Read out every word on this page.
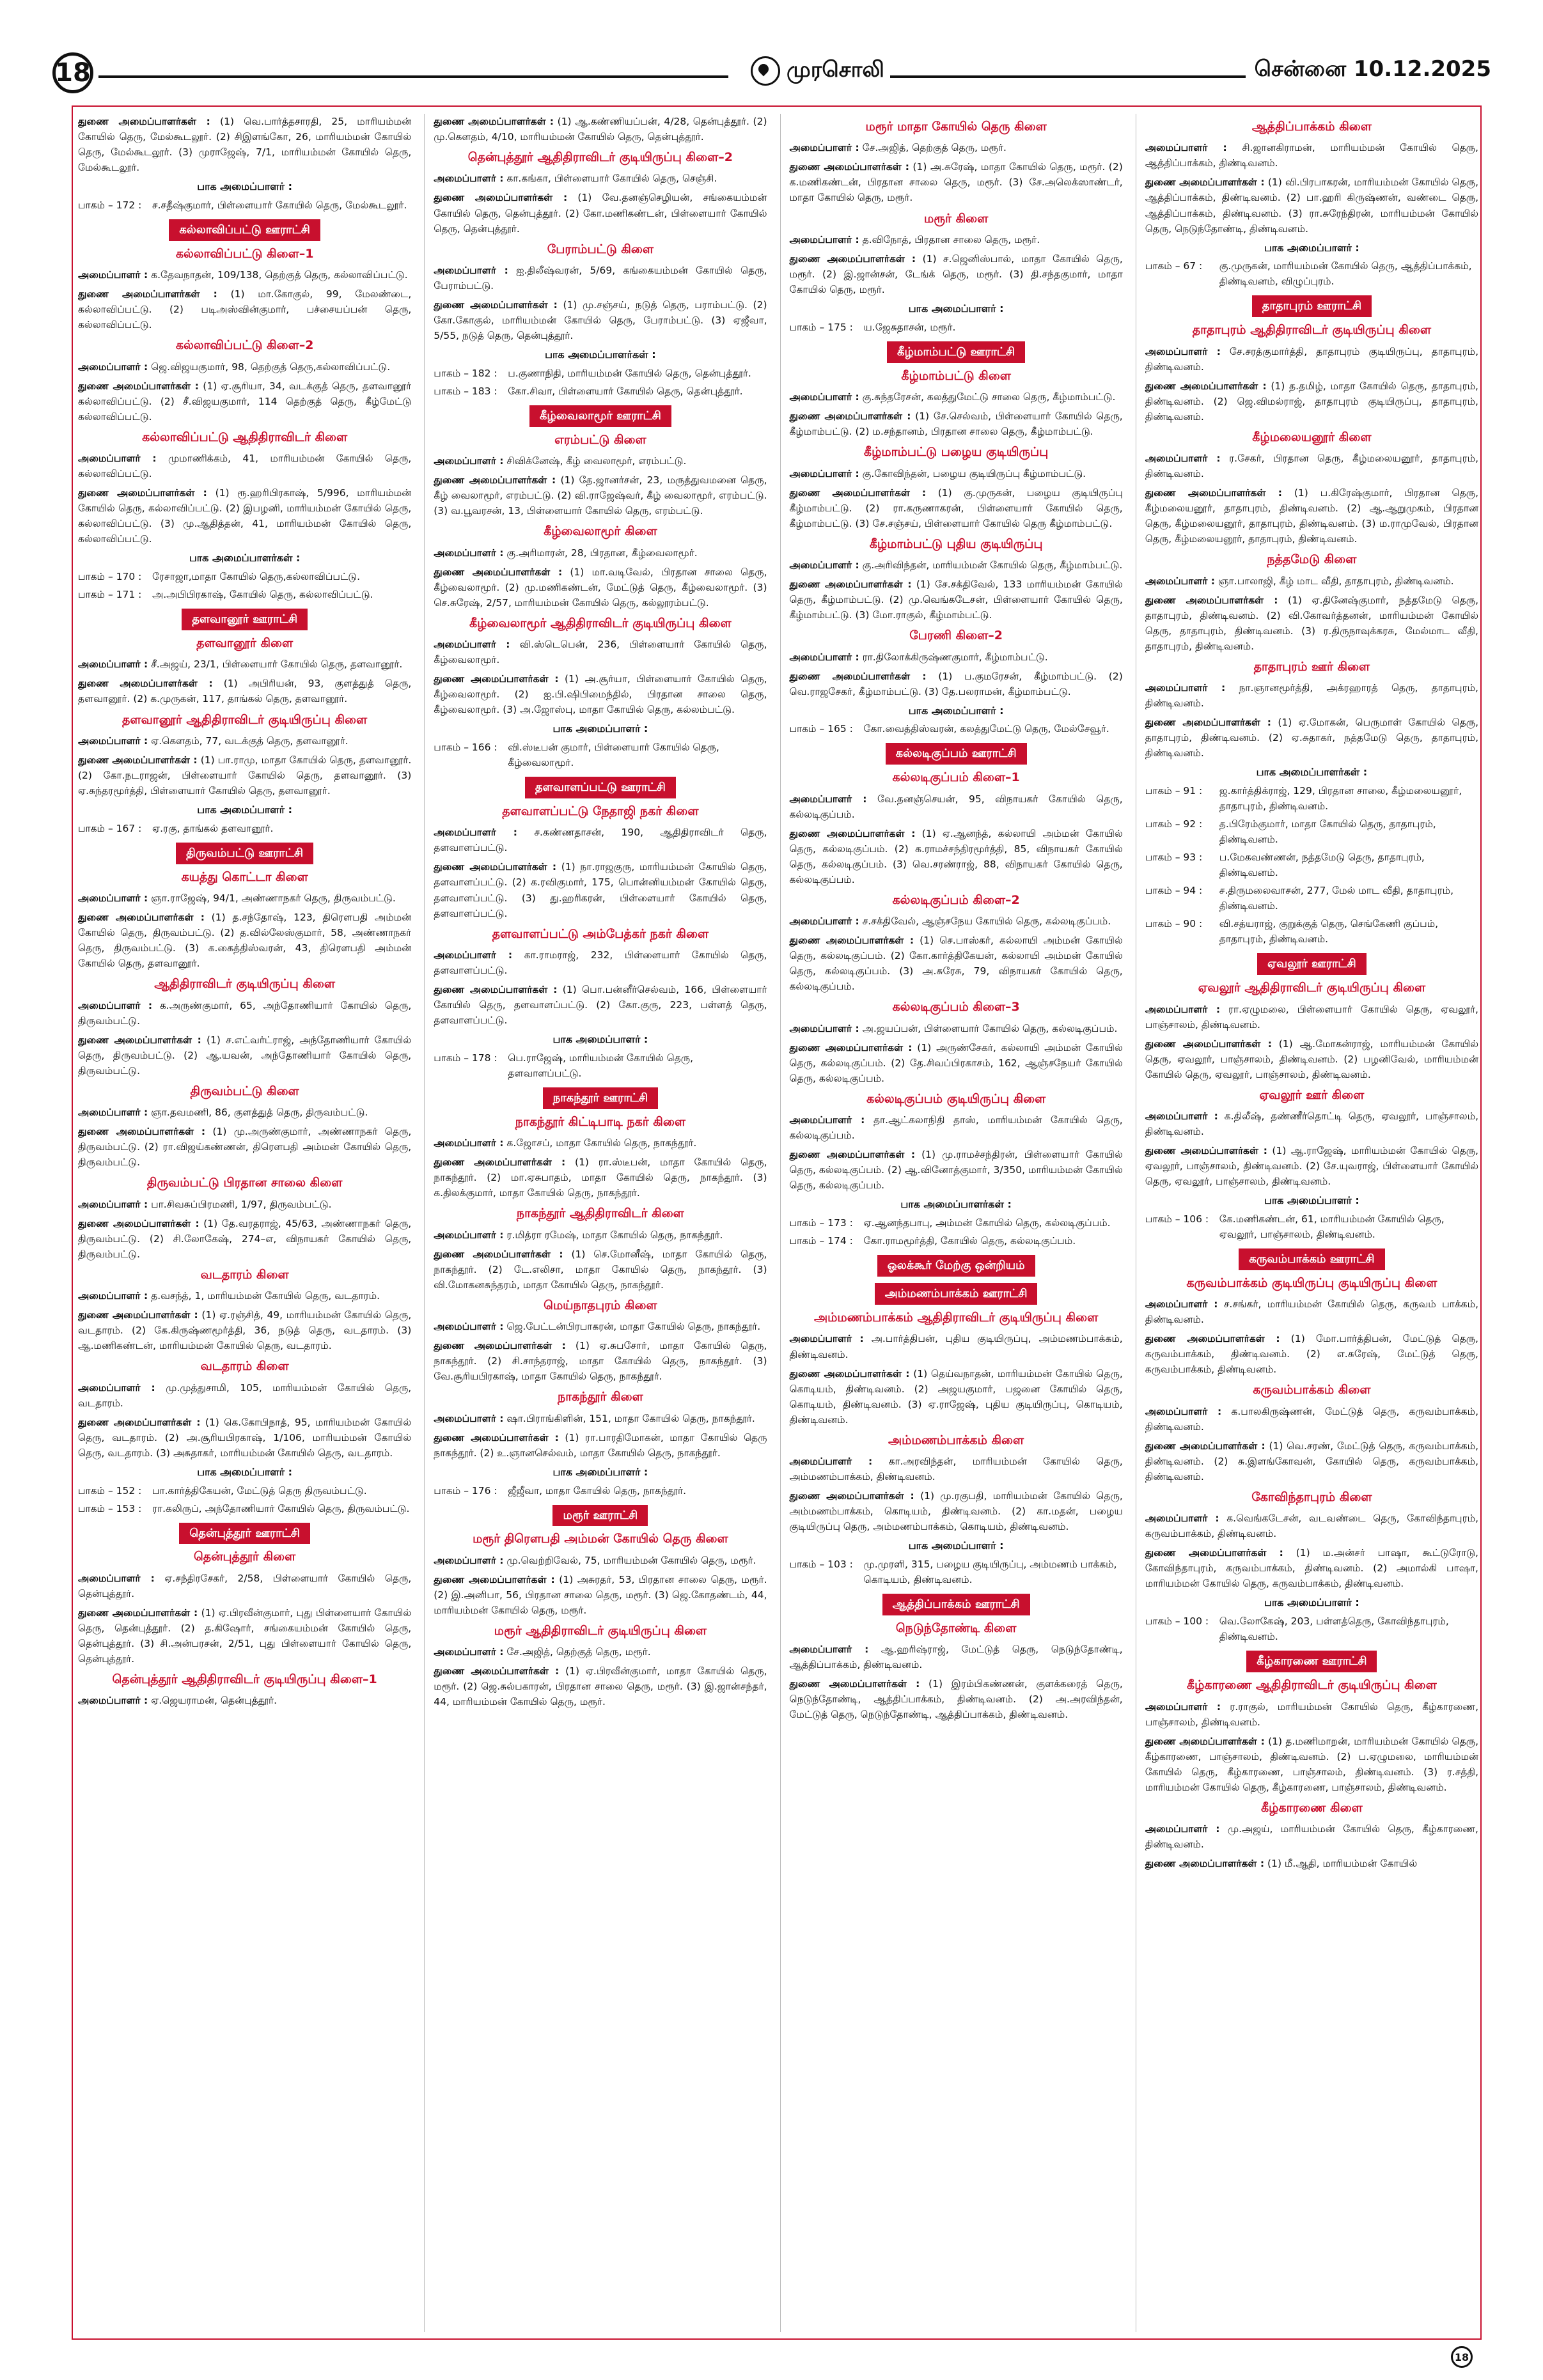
18	முரசொலி	சென்னை 10.12.2025

துணை அமைப்பாளர்கள் : (1) வெ.பார்த்தசாரதி, 25, மாரியம்மன் கோயில் தெரு, மேல்கூடலூர். (2) சிஇளங்கோ, 26, மாரியம்மன் கோயில் தெரு, மேல்கூடலூர். (3) முராஜேஷ், 7/1, மாரியம்மன் கோயில் தெரு, மேல்கூடலூர்.

பாக அமைப்பாளர் :
பாகம் – 172 :	ச.சதீஷ்குமார், பிள்ளையார் கோயில் தெரு, மேல்கூடலூர்.
கல்லாவிப்பட்டு ஊராட்சி
கல்லாவிப்பட்டு கிளை–1

அமைப்பாளர் : க.தேவநாதன், 109/138, தெற்குத் தெரு, கல்லாவிப்பட்டு.

துணை அமைப்பாளர்கள் : (1) மா.கோகுல், 99, மேலண்டை, கல்லாவிப்பட்டு. (2) படிஅஸ்வின்குமார், பச்சையப்பன் தெரு, கல்லாவிப்பட்டு.

கல்லாவிப்பட்டு கிளை–2

அமைப்பாளர் : ஜெ.விஜயகுமார், 98, தெற்குத் தெரு,கல்லாவிப்பட்டு.

துணை அமைப்பாளர்கள் : (1) ஏ.சூரியா, 34, வடக்குத் தெரு, தளவானூர் கல்லாவிப்பட்டு. (2) சீ.விஜயகுமார், 114 தெற்குத் தெரு, கீழ்மேட்டு கல்லாவிப்பட்டு.

கல்லாவிப்பட்டு ஆதிதிராவிடர் கிளை

அமைப்பாளர் : முமாணிக்கம், 41, மாரியம்மன் கோயில் தெரு, கல்லாவிப்பட்டு.

துணை அமைப்பாளர்கள் : (1) ரூ.ஹரிபிரகாஷ், 5/996, மாரியம்மன் கோயில் தெரு, கல்லாவிப்பட்டு. (2) இபழனி, மாரியம்மன் கோயில் தெரு, கல்லாவிப்பட்டு. (3) மு.ஆதித்தன், 41, மாரியம்மன் கோயில் தெரு, கல்லாவிப்பட்டு.

பாக அமைப்பாளர்கள் :
பாகம் – 170 :	ரேசாஜா,மாதா கோயில் தெரு,கல்லாவிப்பட்டு.
பாகம் – 171 :	அ.அபிபிரகாஷ், கோயில் தெரு, கல்லாவிப்பட்டு.
தளவானூர் ஊராட்சி
தளவானூர் கிளை

அமைப்பாளர் : சீ.அஜய், 23/1, பிள்ளையார் கோயில் தெரு, தளவானூர்.

துணை அமைப்பாளர்கள் : (1) அபிரியன், 93, குளத்துத் தெரு, தளவானூர். (2) க.முருகன், 117, தாங்கல் தெரு, தளவானூர்.

தளவானூர் ஆதிதிராவிடர் குடியிருப்பு கிளை

அமைப்பாளர் : ஏ.கௌதம், 77, வடக்குத் தெரு, தளவானூர்.

துணை அமைப்பாளர்கள் : (1) பா.ராமு, மாதா கோயில் தெரு, தளவானூர். (2) கோ.நடராஜன், பிள்ளையார் கோயில் தெரு, தளவானூர். (3) ஏ.சுந்தரமூர்த்தி, பிள்ளையார் கோயில் தெரு, தளவானூர்.

பாக அமைப்பாளர் :
பாகம் – 167 :	ஏ.ரகு, தாங்கல் தளவானூர்.
திருவம்பட்டு ஊராட்சி
கயத்து கொட்டா கிளை

அமைப்பாளர் : ஞா.ராஜேஷ், 94/1, அண்ணாநகர் தெரு, திருவம்பட்டு.

துணை அமைப்பாளர்கள் : (1) த.சந்தோஷ், 123, திரௌபதி அம்மன் கோயில் தெரு, திருவம்பட்டு. (2) த.வில்லேஸ்குமார், 58, அண்ணாநகர் தெரு, திருவம்பட்டு. (3) க.கைத்திஸ்வரன், 43, திரௌபதி அம்மன் கோயில் தெரு, தளவானூர்.

ஆதிதிராவிடர் குடியிருப்பு கிளை

அமைப்பாளர் : க.அருண்குமார், 65, அந்தோணியார் கோயில் தெரு, திருவம்பட்டு.

துணை அமைப்பாளர்கள் : (1) ச.எட்வர்ட்ராஜ், அந்தோணியார் கோயில் தெரு, திருவம்பட்டு. (2) ஆ.யவன், அந்தோணியார் கோயில் தெரு, திருவம்பட்டு.

திருவம்பட்டு கிளை

அமைப்பாளர் : ஞா.தவமணி, 86, குளத்துத் தெரு, திருவம்பட்டு.

துணை அமைப்பாளர்கள் : (1) மு.அருண்குமார், அண்ணாநகர் தெரு, திருவம்பட்டு. (2) ரா.விஜய்கண்ணன், திரௌபதி அம்மன் கோயில் தெரு, திருவம்பட்டு.

திருவம்பட்டு பிரதான சாலை கிளை

அமைப்பாளர் : பா.சிவசுப்பிரமணி, 1/97, திருவம்பட்டு.

துணை அமைப்பாளர்கள் : (1) தே.வரதராஜ், 45/63, அண்ணாநகர் தெரு, திருவம்பட்டு. (2) சி.லோகேஷ், 274–எ, விநாயகர் கோயில் தெரு, திருவம்பட்டு.

வடதாரம் கிளை

அமைப்பாளர் : த.வசந்த், 1, மாரியம்மன் கோயில் தெரு, வடதாரம்.

துணை அமைப்பாளர்கள் : (1) ஏ.ரஞ்சித், 49, மாரியம்மன் கோயில் தெரு, வடதாரம். (2) கே.கிருஷ்ணமூர்த்தி, 36, நடுத் தெரு, வடதாரம். (3) ஆ.மணிகண்டன், மாரியம்மன் கோயில் தெரு, வடதாரம்.

வடதாரம் கிளை

அமைப்பாளர் : மு.முத்துசாமி, 105, மாரியம்மன் கோயில் தெரு, வடதாரம்.

துணை அமைப்பாளர்கள் : (1) கெ.கோபிநாத், 95, மாரியம்மன் கோயில் தெரு, வடதாரம். (2) அ.சூரியபிரகாஷ், 1/106, மாரியம்மன் கோயில் தெரு, வடதாரம். (3) அசுதாகர், மாரியம்மன் கோயில் தெரு, வடதாரம்.

பாக அமைப்பாளர் :
பாகம் – 152 :	பா.கார்த்திகேயன், மேட்டுத் தெரு திருவம்பட்டு.
பாகம் – 153 :	ரா.கலிருப், அந்தோணியார் கோயில் தெரு, திருவம்பட்டு.
தென்புத்தூர் ஊராட்சி
தென்புத்தூர் கிளை

அமைப்பாளர் : ஏ.சந்திரசேகர், 2/58, பிள்ளையார் கோயில் தெரு, தென்புத்தூர்.

துணை அமைப்பாளர்கள் : (1) ஏ.பிரவீன்குமார், புது பிள்ளையார் கோயில் தெரு, தென்புத்தூர். (2) த.கிஷோர், சங்கையம்மன் கோயில் தெரு, தென்புத்தூர். (3) சி.அன்பரசன், 2/51, புது பிள்ளையார் கோயில் தெரு, தென்புத்தூர்.

தென்புத்தூர் ஆதிதிராவிடர் குடியிருப்பு கிளை–1

அமைப்பாளர் : ஏ.ஜெயராமன், தென்புத்தூர்.

துணை அமைப்பாளர்கள் : (1) ஆ.கண்ணியப்பன், 4/28, தென்புத்தூர். (2) மு.கௌதம், 4/10, மாரியம்மன் கோயில் தெரு, தென்புத்தூர்.

தென்புத்தூர் ஆதிதிராவிடர் குடியிருப்பு கிளை–2

அமைப்பாளர் : கா.கங்கா, பிள்ளையார் கோயில் தெரு, செஞ்சி.

துணை அமைப்பாளர்கள் : (1) வே.தனஞ்செழியன், சங்கையம்மன் கோயில் தெரு, தென்புத்தூர். (2) கோ.மணிகண்டன், பிள்ளையார் கோயில் தெரு, தென்புத்தூர்.

பேராம்பட்டு கிளை

அமைப்பாளர் : ஐ.திலீஷ்வரன், 5/69, கங்கையம்மன் கோயில் தெரு, பேராம்பட்டு.

துணை அமைப்பாளர்கள் : (1) மு.சஞ்சய், நடுத் தெரு, பராம்பட்டு. (2) கோ.கோகுல், மாரியம்மன் கோயில் தெரு, பேராம்பட்டு. (3) ஏஜீவா, 5/55, நடுத் தெரு, தென்புத்தூர்.

பாக அமைப்பாளர்கள் :
பாகம் – 182 :	ப.குணாநிதி, மாரியம்மன் கோயில் தெரு, தென்புத்தூர்.
பாகம் – 183 :	கோ.சிவா, பிள்ளையார் கோயில் தெரு, தென்புத்தூர்.
கீழ்வைலாமூர் ஊராட்சி
எரம்பட்டு கிளை

அமைப்பாளர் : சிவிக்னேஷ், கீழ் வைலாமூர், எரம்பட்டு.

துணை அமைப்பாளர்கள் : (1) தே.ஜானர்சன், 23, மருத்துவமனை தெரு, கீழ் வைலாமூர், எரம்பட்டு. (2) வி.ராஜேஷ்வர், கீழ் வைலாமூர், எரம்பட்டு. (3) வ.பூவரசன், 13, பிள்ளையார் கோயில் தெரு, எரம்பட்டு.

கீழ்வைலாமூர் கிளை

அமைப்பாளர் : கு.அரிமாரன், 28, பிரதான, கீழ்வைலாமூர்.

துணை அமைப்பாளர்கள் : (1) மா.வடிவேல், பிரதான சாலை தெரு, கீழ்வைலாமூர். (2) மு.மணிகண்டன், மேட்டுத் தெரு, கீழ்வைலாமூர். (3) செ.சுரேஷ், 2/57, மாரியம்மன் கோயில் தெரு, கல்லூரம்பட்டு.

கீழ்வைலாமூர் ஆதிதிராவிடர் குடியிருப்பு கிளை

அமைப்பாளர் : வி.ஸ்டெபென், 236, பிள்ளையார் கோயில் தெரு, கீழ்வைலாமூர்.

துணை அமைப்பாளர்கள் : (1) அ.சூர்யா, பிள்ளையார் கோயில் தெரு, கீழ்வைலாமூர். (2) ஐ.பி.ஷிபிமைந்தில், பிரதான சாலை தெரு, கீழ்வைலாமூர். (3) அ.ஜோஸ்பு, மாதா கோயில் தெரு, கல்லம்பட்டு.

பாக அமைப்பாளர் :
பாகம் – 166 :	வி.ஸ்டீபன் குமார், பிள்ளையார் கோயில் தெரு, கீழ்வைலாமூர்.
தளவாளப்பட்டு ஊராட்சி
தளவாளப்பட்டு நேதாஜி நகர் கிளை

அமைப்பாளர் : ச.கண்ணதாசன், 190, ஆதிதிராவிடர் தெரு, தளவாளப்பட்டு.

துணை அமைப்பாளர்கள் : (1) நா.ராஜகுரு, மாரியம்மன் கோயில் தெரு, தளவாளப்பட்டு. (2) க.ரவிகுமார், 175, பொன்னியம்மன் கோயில் தெரு, தளவாளப்பட்டு. (3) து.ஹரிகரன், பிள்ளையார் கோயில் தெரு, தளவாளப்பட்டு.

தளவாளப்பட்டு அம்பேத்கர் நகர் கிளை

அமைப்பாளர் : கா.ராமராஜ், 232, பிள்ளையார் கோயில் தெரு, தளவாளப்பட்டு.

துணை அமைப்பாளர்கள் : (1) பொ.பன்னீர்செல்வம், 166, பிள்ளையார் கோயில் தெரு, தளவாளப்பட்டு. (2) கோ.குரு, 223, பள்ளத் தெரு, தளவாளப்பட்டு.

பாக அமைப்பாளர் :
பாகம் – 178 :	பெ.ராஜேஷ், மாரியம்மன் கோயில் தெரு, தளவாளப்பட்டு.
நாகந்தூர் ஊராட்சி
நாகந்தூர் கிட்டிபாடி நகர் கிளை

அமைப்பாளர் : க.ஜோசப், மாதா கோயில் தெரு, நாகந்தூர்.

துணை அமைப்பாளர்கள் : (1) ரா.ஸ்டீபன், மாதா கோயில் தெரு, நாகந்தூர். (2) மா.ஏசுபாதம், மாதா கோயில் தெரு, நாகந்தூர். (3) க.திலக்குமார், மாதா கோயில் தெரு, நாகந்தூர்.

நாகந்தூர் ஆதிதிராவிடர் கிளை

அமைப்பாளர் : ர.மித்ரா ரமேஷ், மாதா கோயில் தெரு, நாகந்தூர்.

துணை அமைப்பாளர்கள் : (1) செ.மோனீஷ், மாதா கோயில் தெரு, நாகந்தூர். (2) டே.எலிசா, மாதா கோயில் தெரு, நாகந்தூர். (3) வி.மோகனசுந்தரம், மாதா கோயில் தெரு, நாகந்தூர்.

மெய்நாதபுரம் கிளை

அமைப்பாளர் : ஜெ.பேட்டன்பிரபாகரன், மாதா கோயில் தெரு, நாகந்தூர்.

துணை அமைப்பாளர்கள் : (1) ஏ.சுபசோர், மாதா கோயில் தெரு, நாகந்தூர். (2) சி.சாந்தராஜ், மாதா கோயில் தெரு, நாகந்தூர். (3) வே.சூரியபிரகாஷ், மாதா கோயில் தெரு, நாகந்தூர்.

நாகந்தூர் கிளை

அமைப்பாளர் : ஷா.பிராங்கிளின், 151, மாதா கோயில் தெரு, நாகந்தூர்.

துணை அமைப்பாளர்கள் : (1) ரா.பாரதிமோகன், மாதா கோயில் தெரு நாகந்தூர். (2) உ.ஞானசெல்வம், மாதா கோயில் தெரு, நாகந்தூர்.

பாக அமைப்பாளர் :
பாகம் – 176 :	ஜீஜீவா, மாதா கோயில் தெரு, நாகந்தூர்.
மரூர் ஊராட்சி
மரூர் திரௌபதி அம்மன் கோயில் தெரு கிளை

அமைப்பாளர் : மு.வெற்றிவேல், 75, மாரியம்மன் கோயில் தெரு, மரூர்.

துணை அமைப்பாளர்கள் : (1) அசுரதர், 53, பிரதான சாலை தெரு, மரூர். (2) இ.அனிபா, 56, பிரதான சாலை தெரு, மரூர். (3) ஜெ.கோதண்டம், 44, மாரியம்மன் கோயில் தெரு, மரூர்.

மரூர் ஆதிதிராவிடர் குடியிருப்பு கிளை

அமைப்பாளர் : சே.அஜித், தெற்குத் தெரு, மரூர்.

துணை அமைப்பாளர்கள் : (1) ஏ.பிரவீன்குமார், மாதா கோயில் தெரு, மரூர். (2) ஜெ.சுல்பகாரன், பிரதான சாலை தெரு, மரூர். (3) இ.ஜான்சந்தர், 44, மாரியம்மன் கோயில் தெரு, மரூர்.

மரூர் மாதா கோயில் தெரு கிளை

அமைப்பாளர் : சே.அஜித், தெற்குத் தெரு, மரூர்.

துணை அமைப்பாளர்கள் : (1) அ.சுரேஷ், மாதா கோயில் தெரு, மரூர். (2) க.மணிகண்டன், பிரதான சாலை தெரு, மரூர். (3) சே.அலெக்ஸாண்டர், மாதா கோயில் தெரு, மரூர்.

மரூர் கிளை

அமைப்பாளர் : த.விநோத், பிரதான சாலை தெரு, மரூர்.

துணை அமைப்பாளர்கள் : (1) ச.ஜெனிஸ்பால், மாதா கோயில் தெரு, மரூர். (2) இ.ஜான்சன், டேங்க் தெரு, மரூர். (3) தி.சந்தகுமார், மாதா கோயில் தெரு, மரூர்.

பாக அமைப்பாளர் :
பாகம் – 175 :	ய.ஜேசுதாசன், மரூர்.
கீழ்மாம்பட்டு ஊராட்சி
கீழ்மாம்பட்டு கிளை

அமைப்பாளர் : கு.சுந்தரேசன், கலத்துமேட்டு சாலை தெரு, கீழ்மாம்பட்டு.

துணை அமைப்பாளர்கள் : (1) சே.செல்வம், பிள்ளையார் கோயில் தெரு, கீழ்மாம்பட்டு. (2) ம.சந்தானம், பிரதான சாலை தெரு, கீழ்மாம்பட்டு.

கீழ்மாம்பட்டு பழைய குடியிருப்பு

அமைப்பாளர் : கு.கோவிந்தன், பழைய குடியிருப்பு கீழ்மாம்பட்டு.

துணை அமைப்பாளர்கள் : (1) கு.முருகன், பழைய குடியிருப்பு கீழ்மாம்பட்டு. (2) ரா.கருணாகரன், பிள்ளையார் கோயில் தெரு, கீழ்மாம்பட்டு. (3) சே.சஞ்சய், பிள்ளையார் கோயில் தெரு கீழ்மாம்பட்டு.

கீழ்மாம்பட்டு புதிய குடியிருப்பு

அமைப்பாளர் : கு.அரிவிந்தன், மாரியம்மன் கோயில் தெரு, கீழ்மாம்பட்டு.

துணை அமைப்பாளர்கள் : (1) சே.சக்திவேல், 133 மாரியம்மன் கோயில் தெரு, கீழ்மாம்பட்டு. (2) மு.வெங்கடேசன், பிள்ளையார் கோயில் தெரு, கீழ்மாம்பட்டு. (3) மோ.ராகுல், கீழ்மாம்பட்டு.

பேரணி கிளை–2

அமைப்பாளர் : ரா.திலோக்கிருஷ்ணகுமார், கீழ்மாம்பட்டு.

துணை அமைப்பாளர்கள் : (1) ப.குமரேசன், கீழ்மாம்பட்டு. (2) வெ.ராஜசேகர், கீழ்மாம்பட்டு. (3) தே.பலராமன், கீழ்மாம்பட்டு.

பாக அமைப்பாளர் :
பாகம் – 165 :	கோ.வைத்திஸ்வரன், கலத்துமேட்டு தெரு, மேல்சேவூர்.
கல்லடிகுப்பம் ஊராட்சி
கல்லடிகுப்பம் கிளை–1

அமைப்பாளர் : வே.தனஞ்செயன், 95, விநாயகர் கோயில் தெரு, கல்லடிகுப்பம்.

துணை அமைப்பாளர்கள் : (1) ஏ.ஆனந்த், கல்லாயி அம்மன் கோயில் தெரு, கல்லடிகுப்பம். (2) க.ராமச்சந்திரமூர்த்தி, 85, விநாயகர் கோயில் தெரு, கல்லடிகுப்பம். (3) வெ.சரண்ராஜ், 88, விநாயகர் கோயில் தெரு, கல்லடிகுப்பம்.

கல்லடிகுப்பம் கிளை–2

அமைப்பாளர் : ச.சக்திவேல், ஆஞ்சநேய கோயில் தெரு, கல்லடிகுப்பம்.

துணை அமைப்பாளர்கள் : (1) செ.பாஸ்கர், கல்லாயி அம்மன் கோயில் தெரு, கல்லடிகுப்பம். (2) கோ.கார்த்திகேயன், கல்லாயி அம்மன் கோயில் தெரு, கல்லடிகுப்பம். (3) அ.சுரேசு, 79, விநாயகர் கோயில் தெரு, கல்லடிகுப்பம்.

கல்லடிகுப்பம் கிளை–3

அமைப்பாளர் : அ.ஜயப்பன், பிள்ளையார் கோயில் தெரு, கல்லடிகுப்பம்.

துணை அமைப்பாளர்கள் : (1) அருண்சேகர், கல்லாயி அம்மன் கோயில் தெரு, கல்லடிகுப்பம். (2) தே.சிவப்பிரகாசம், 162, ஆஞ்சநேயர் கோயில் தெரு, கல்லடிகுப்பம்.

கல்லடிகுப்பம் குடியிருப்பு கிளை

அமைப்பாளர் : தா.ஆட்கலாநிதி தாஸ், மாரியம்மன் கோயில் தெரு, கல்லடிகுப்பம்.

துணை அமைப்பாளர்கள் : (1) மு.ராமச்சந்திரன், பிள்ளையார் கோயில் தெரு, கல்லடிகுப்பம். (2) ஆ.வினோத்குமார், 3/350, மாரியம்மன் கோயில் தெரு, கல்லடிகுப்பம்.

பாக அமைப்பாளர்கள் :
பாகம் – 173 :	ஏ.ஆனந்தபாபு, அம்மன் கோயில் தெரு, கல்லடிகுப்பம்.
பாகம் – 174 :	கோ.ராமமூர்த்தி, கோயில் தெரு, கல்லடிகுப்பம்.
ஓலக்கூர் மேற்கு ஒன்றியம்
அம்மணம்பாக்கம் ஊராட்சி
அம்மணம்பாக்கம் ஆதிதிராவிடர் குடியிருப்பு கிளை

அமைப்பாளர் : அ.பார்த்திபன், புதிய குடியிருப்பு, அம்மணம்பாக்கம், திண்டிவனம்.

துணை அமைப்பாளர்கள் : (1) தெய்வநாதன், மாரியம்மன் கோயில் தெரு, கொடியம், திண்டிவனம். (2) அஜயகுமார், பஜனை கோயில் தெரு, கொடியம், திண்டிவனம். (3) ஏ.ராஜேஷ், புதிய குடியிருப்பு, கொடியம், திண்டிவனம்.

அம்மணம்பாக்கம் கிளை

அமைப்பாளர் : கா.அரவிந்தன், மாரியம்மன் கோயில் தெரு, அம்மணம்பாக்கம், திண்டிவனம்.

துணை அமைப்பாளர்கள் : (1) மு.ரகுபதி, மாரியம்மன் கோயில் தெரு, அம்மணம்பாக்கம், கொடியம், திண்டிவனம். (2) கா.மதன், பழைய குடியிருப்பு தெரு, அம்மணம்பாக்கம், கொடியம், திண்டிவனம்.

பாக அமைப்பாளர் :
பாகம் – 103 :	மு.முரளி, 315, பழைய குடியிருப்பு, அம்மணம் பாக்கம், கொடியம், திண்டிவனம்.
ஆத்திப்பாக்கம் ஊராட்சி
நெடுந்தோண்டி கிளை

அமைப்பாளர் : ஆ.ஹரிஷ்ராஜ், மேட்டுத் தெரு, நெடுந்தோண்டி, ஆத்திப்பாக்கம், திண்டிவனம்.

துணை அமைப்பாளர்கள் : (1) இரம்பிகண்ணன், குளக்கரைத் தெரு, நெடுந்தோண்டி, ஆத்திப்பாக்கம், திண்டிவனம். (2) அ.அரவிந்தன், மேட்டுத் தெரு, நெடுந்தோண்டி, ஆத்திப்பாக்கம், திண்டிவனம்.

ஆத்திப்பாக்கம் கிளை

அமைப்பாளர் : சி.ஜானகிராமன், மாரியம்மன் கோயில் தெரு, ஆத்திப்பாக்கம், திண்டிவனம்.

துணை அமைப்பாளர்கள் : (1) வி.பிரபாகரன், மாரியம்மன் கோயில் தெரு, ஆத்திப்பாக்கம், திண்டிவனம். (2) பா.ஹரி கிருஷ்ணன், வண்டை தெரு, ஆத்திப்பாக்கம், திண்டிவனம். (3) ரா.சுரேந்திரன், மாரியம்மன் கோயில் தெரு, நெடுந்தோண்டி, திண்டிவனம்.

பாக அமைப்பாளர் :
பாகம் – 67 :	கு.முருகன், மாரியம்மன் கோயில் தெரு, ஆத்திப்பாக்கம், திண்டிவனம், விழுப்புரம்.
தாதாபுரம் ஊராட்சி
தாதாபுரம் ஆதிதிராவிடர் குடியிருப்பு கிளை

அமைப்பாளர் : சே.சரத்குமார்த்தி, தாதாபுரம் குடியிருப்பு, தாதாபுரம், திண்டிவனம்.

துணை அமைப்பாளர்கள் : (1) த.தமிழ், மாதா கோயில் தெரு, தாதாபுரம், திண்டிவனம். (2) ஜெ.விமல்ராஜ், தாதாபுரம் குடியிருப்பு, தாதாபுரம், திண்டிவனம்.

கீழ்மலையனூர் கிளை

அமைப்பாளர் : ர.சேகர், பிரதான தெரு, கீழ்மலையனூர், தாதாபுரம், திண்டிவனம்.

துணை அமைப்பாளர்கள் : (1) ப.கிரேஷ்குமார், பிரதான தெரு, கீழ்மலையனூர், தாதாபுரம், திண்டிவனம். (2) ஆ.ஆறுமுகம், பிரதான தெரு, கீழ்மலையனூர், தாதாபுரம், திண்டிவனம். (3) ம.ராமுவேல், பிரதான தெரு, கீழ்மலையனூர், தாதாபுரம், திண்டிவனம்.

நத்தமேடு கிளை

அமைப்பாளர் : ஞா.பாலாஜி, கீழ் மாட வீதி, தாதாபுரம், திண்டிவனம்.

துணை அமைப்பாளர்கள் : (1) ஏ.தினேஷ்குமார், நத்தமேடு தெரு, தாதாபுரம், திண்டிவனம். (2) வி.கோவர்த்தனன், மாரியம்மன் கோயில் தெரு, தாதாபுரம், திண்டிவனம். (3) ர.திருநாவுக்கரசு, மேல்மாட வீதி, தாதாபுரம், திண்டிவனம்.

தாதாபுரம் ஊர் கிளை

அமைப்பாளர் : நா.ஞானமூர்த்தி, அக்ரஹாரத் தெரு, தாதாபுரம், திண்டிவனம்.

துணை அமைப்பாளர்கள் : (1) ஏ.மோகன், பெருமாள் கோயில் தெரு, தாதாபுரம், திண்டிவனம். (2) ஏ.சுதாகர், நத்தமேடு தெரு, தாதாபுரம், திண்டிவனம்.

பாக அமைப்பாளர்கள் :
பாகம் – 91 :	ஜ.கார்த்திக்ராஜ், 129, பிரதான சாலை, கீழ்மலையனூர், தாதாபுரம், திண்டிவனம்.
பாகம் – 92 :	த.பிரேம்குமார், மாதா கோயில் தெரு, தாதாபுரம், திண்டிவனம்.
பாகம் – 93 :	ப.மேகவண்ணன், நத்தமேடு தெரு, தாதாபுரம், திண்டிவனம்.
பாகம் – 94 :	ச.திருமலைவாசன், 277, மேல் மாட வீதி, தாதாபுரம், திண்டிவனம்.
பாகம் – 90 :	வி.சத்யராஜ், குறுக்குத் தெரு, செங்கேணி குப்பம், தாதாபுரம், திண்டிவனம்.
ஏவலூர் ஊராட்சி
ஏவலூர் ஆதிதிராவிடர் குடியிருப்பு கிளை

அமைப்பாளர் : ரா.ஏழுமலை, பிள்ளையார் கோயில் தெரு, ஏவலூர், பாஞ்சாலம், திண்டிவனம்.

துணை அமைப்பாளர்கள் : (1) ஆ.மோகன்ராஜ், மாரியம்மன் கோயில் தெரு, ஏவலூர், பாஞ்சாலம், திண்டிவனம். (2) பழனிவேல், மாரியம்மன் கோயில் தெரு, ஏவலூர், பாஞ்சாலம், திண்டிவனம்.

ஏவலூர் ஊர் கிளை

அமைப்பாளர் : க.திலீஷ், தண்ணீர்தொட்டி தெரு, ஏவலூர், பாஞ்சாலம், திண்டிவனம்.

துணை அமைப்பாளர்கள் : (1) ஆ.ராஜேஷ், மாரியம்மன் கோயில் தெரு, ஏவலூர், பாஞ்சாலம், திண்டிவனம். (2) சே.யுவராஜ், பிள்ளையார் கோயில் தெரு, ஏவலூர், பாஞ்சாலம், திண்டிவனம்.

பாக அமைப்பாளர் :
பாகம் – 106 :	கே.மணிகண்டன், 61, மாரியம்மன் கோயில் தெரு, ஏவலூர், பாஞ்சாலம், திண்டிவனம்.
கருவம்பாக்கம் ஊராட்சி
கருவம்பாக்கம் குடியிருப்பு குடியிருப்பு கிளை

அமைப்பாளர் : ச.சங்கர், மாரியம்மன் கோயில் தெரு, கருவம் பாக்கம், திண்டிவனம்.

துணை அமைப்பாளர்கள் : (1) மோ.பார்த்திபன், மேட்டுத் தெரு, கருவம்பாக்கம், திண்டிவனம். (2) எ.சுரேஷ், மேட்டுத் தெரு, கருவம்பாக்கம், திண்டிவனம்.

கருவம்பாக்கம் கிளை

அமைப்பாளர் : க.பாலகிருஷ்ணன், மேட்டுத் தெரு, கருவம்பாக்கம், திண்டிவனம்.

துணை அமைப்பாளர்கள் : (1) வெ.சரண், மேட்டுத் தெரு, கருவம்பாக்கம், திண்டிவனம். (2) சு.இளங்கோவன், கோயில் தெரு, கருவம்பாக்கம், திண்டிவனம்.

கோவிந்தாபுரம் கிளை

அமைப்பாளர் : க.வெங்கடேசன், வடவண்டை தெரு, கோவிந்தாபுரம், கருவம்பாக்கம், திண்டிவனம்.

துணை அமைப்பாளர்கள் : (1) ம.அன்சர் பாஷா, கூட்டுரோடு, கோவிந்தாபுரம், கருவம்பாக்கம், திண்டிவனம். (2) அமால்கி பாஷா, மாரியம்மன் கோயில் தெரு, கருவம்பாக்கம், திண்டிவனம்.

பாக அமைப்பாளர் :
பாகம் – 100 :	வெ.லோகேஷ், 203, பள்ளத்தெரு, கோவிந்தாபுரம், திண்டிவனம்.
கீழ்காரணை ஊராட்சி
கீழ்காரணை ஆதிதிராவிடர் குடியிருப்பு கிளை

அமைப்பாளர் : ர.ராகுல், மாரியம்மன் கோயில் தெரு, கீழ்காரணை, பாஞ்சாலம், திண்டிவனம்.

துணை அமைப்பாளர்கள் : (1) த.மணிமாறன், மாரியம்மன் கோயில் தெரு, கீழ்காரணை, பாஞ்சாலம், திண்டிவனம். (2) ப.ஏழுமலை, மாரியம்மன் கோயில் தெரு, கீழ்காரணை, பாஞ்சாலம், திண்டிவனம். (3) ர.சத்தி, மாரியம்மன் கோயில் தெரு, கீழ்காரணை, பாஞ்சாலம், திண்டிவனம்.

கீழ்காரணை கிளை

அமைப்பாளர் : மு.அஜய், மாரியம்மன் கோயில் தெரு, கீழ்காரணை, திண்டிவனம்.

துணை அமைப்பாளர்கள் : (1) மீ.ஆதி, மாரியம்மன் கோயில்

18
